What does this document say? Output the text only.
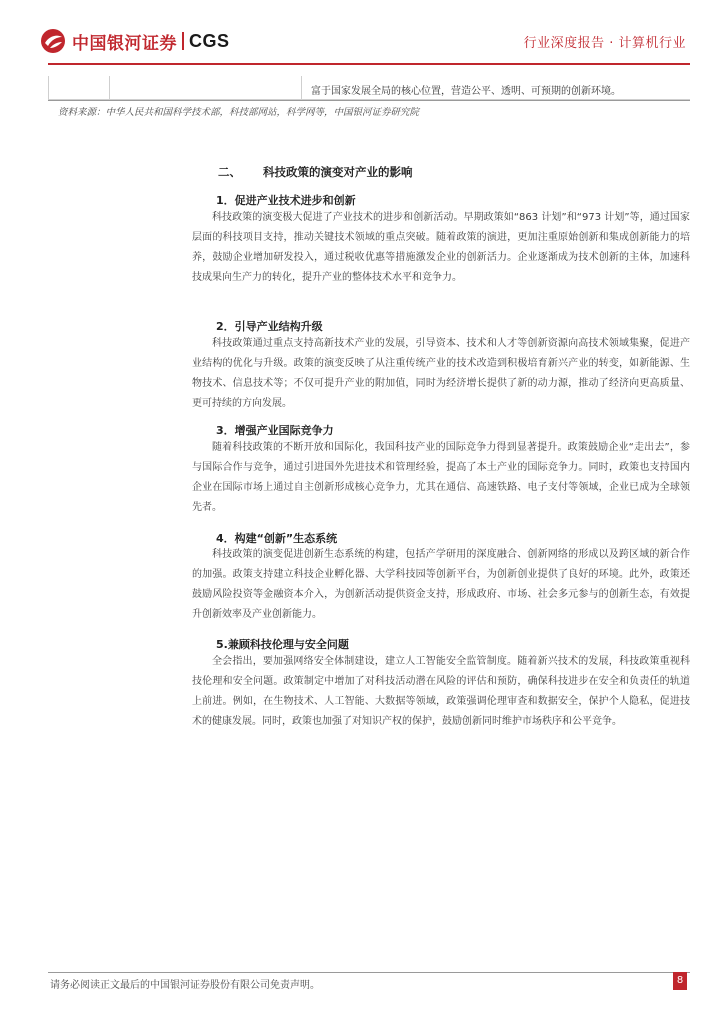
中国银河证券 CGS	行业深度报告 · 计算机行业
富于国家发展全局的核心位置，营造公平、透明、可预期的创新环境。
资料来源：中华人民共和国科学技术部，科技部网站，科学网等，中国银河证券研究院
二、 科技政策的演变对产业的影响
1．促进产业技术进步和创新
科技政策的演变极大促进了产业技术的进步和创新活动。早期政策如“863 计划”和“973 计划”等，通过国家层面的科技项目支持，推动关键技术领域的重点突破。随着政策的演进，更加注重原始创新和集成创新能力的培养，鼓励企业增加研发投入，通过税收优惠等措施激发企业的创新活力。企业逐渐成为技术创新的主体，加速科技成果向生产力的转化，提升产业的整体技术水平和竞争力。
2．引导产业结构升级
科技政策通过重点支持高新技术产业的发展，引导资本、技术和人才等创新资源向高技术领域集聚，促进产业结构的优化与升级。政策的演变反映了从注重传统产业的技术改造到积极培育新兴产业的转变，如新能源、生物技术、信息技术等；不仅可提升产业的附加值，同时为经济增长提供了新的动力源，推动了经济向更高质量、更可持续的方向发展。
3．增强产业国际竞争力
随着科技政策的不断开放和国际化，我国科技产业的国际竞争力得到显著提升。政策鼓励企业“走出去”，参与国际合作与竞争，通过引进国外先进技术和管理经验，提高了本土产业的国际竞争力。同时，政策也支持国内企业在国际市场上通过自主创新形成核心竞争力，尤其在通信、高速铁路、电子支付等领域，企业已成为全球领先者。
4．构建“创新”生态系统
科技政策的演变促进创新生态系统的构建，包括产学研用的深度融合、创新网络的形成以及跨区域的新合作的加强。政策支持建立科技企业孵化器、大学科技园等创新平台，为创新创业提供了良好的环境。此外，政策还鼓励风险投资等金融资本介入，为创新活动提供资金支持，形成政府、市场、社会多元参与的创新生态，有效提升创新效率及产业创新能力。
5.兼顾科技伦理与安全问题
全会指出，要加强网络安全体制建设，建立人工智能安全监管制度。随着新兴技术的发展，科技政策重视科技伦理和安全问题。政策制定中增加了对科技活动潜在风险的评估和预防，确保科技进步在安全和负责任的轨道上前进。例如，在生物技术、人工智能、大数据等领域，政策强调伦理审查和数据安全，保护个人隐私，促进技术的健康发展。同时，政策也加强了对知识产权的保护，鼓励创新同时维护市场秩序和公平竞争。
请务必阅读正文最后的中国银河证券股份有限公司免责声明。	8
